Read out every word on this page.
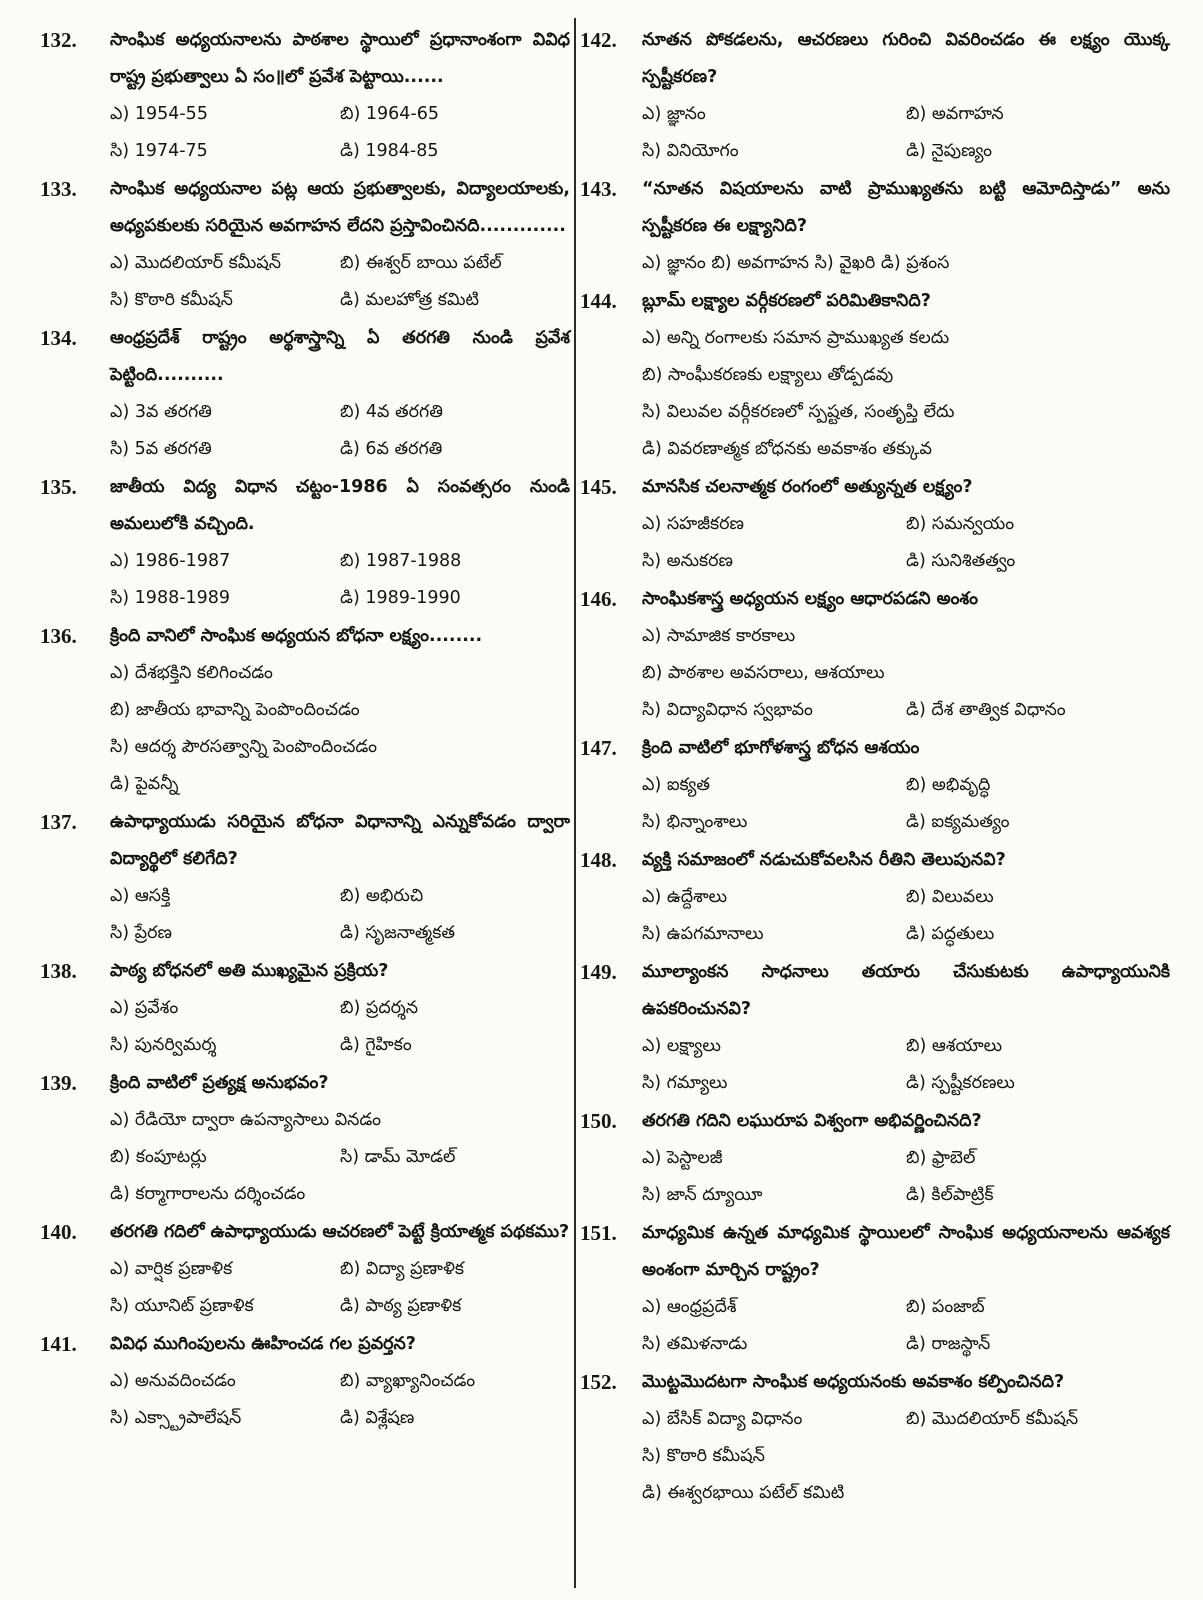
132.	సాంఘిక అధ్యయనాలను పాఠశాల స్థాయిలో ప్రధానాంశంగా వివిధ రాష్ట్ర ప్రభుత్వాలు ఏ సం॥లో ప్రవేశ పెట్టాయి......
ఎ) 1954-55	బి) 1964-65
సి) 1974-75	డి) 1984-85
133.	సాంఘిక అధ్యయనాల పట్ల ఆయ ప్రభుత్వాలకు, విద్యాలయాలకు, అధ్యపకులకు సరియైన అవగాహన లేదని ప్రస్తావించినది.............
ఎ) మొదలియార్ కమీషన్	బి) ఈశ్వర్ బాయి పటేల్
సి) కొఠారి కమీషన్	డి) మలహోత్ర కమిటి
134.	ఆంధ్రప్రదేశ్ రాష్ట్రం అర్థశాస్త్రాన్ని ఏ తరగతి నుండి ప్రవేశ పెట్టింది..........
ఎ) 3వ తరగతి	బి) 4వ తరగతి
సి) 5వ తరగతి	డి) 6వ తరగతి
135.	జాతీయ విద్య విధాన చట్టం-1986 ఏ సంవత్సరం నుండి అమలులోకి వచ్చింది.
ఎ) 1986-1987	బి) 1987-1988
సి) 1988-1989	డి) 1989-1990
136.	క్రింది వానిలో సాంఘిక అధ్యయన బోధనా లక్ష్యం........
ఎ) దేశభక్తిని కలిగించడం
బి) జాతీయ భావాన్ని పెంపొందించడం
సి) ఆదర్శ పౌరసత్వాన్ని పెంపొందించడం
డి) పైవన్నీ
137.	ఉపాధ్యాయుడు సరియైన బోధనా విధానాన్ని ఎన్నుకోవడం ద్వారా విద్యార్థిలో కలిగేది?
ఎ) ఆసక్తి	బి) అభిరుచి
సి) ప్రేరణ	డి) సృజనాత్మకత
138.	పాఠ్య బోధనలో అతి ముఖ్యమైన ప్రక్రియ?
ఎ) ప్రవేశం	బి) ప్రదర్శన
సి) పునర్విమర్శ	డి) గైహికం
139.	క్రింది వాటిలో ప్రత్యక్ష అనుభవం?
ఎ) రేడియో ద్వారా ఉపన్యాసాలు వినడం
బి) కంపూటర్లు	సి) డామ్ మోడల్
డి) కర్మాగారాలను దర్శించడం
140.	తరగతి గదిలో ఉపాధ్యాయుడు ఆచరణలో పెట్టే క్రియాత్మక పథకము?
ఎ) వార్షిక ప్రణాళిక	బి) విద్యా ప్రణాళిక
సి) యూనిట్ ప్రణాళిక	డి) పాఠ్య ప్రణాళిక
141.	వివిధ ముగింపులను ఊహించడ గల ప్రవర్తన?
ఎ) అనువదించడం	బి) వ్యాఖ్యానించడం
సి) ఎక్స్ట్రాపాలేషన్	డి) విశ్లేషణ
142.	నూతన పోకడలను, ఆచరణలు గురించి వివరించడం ఈ లక్ష్యం యొక్క స్పష్టీకరణ?
ఎ) జ్ఞానం	బి) అవగాహన
సి) వినియోగం	డి) నైపుణ్యం
143.	“నూతన విషయాలను వాటి ప్రాముఖ్యతను బట్టి ఆమోదిస్తాడు” అను స్పష్టీకరణ ఈ లక్ష్యానిది?
ఎ) జ్ఞానం బి) అవగాహన సి) వైఖరి డి) ప్రశంస
144.	బ్లూమ్ లక్ష్యాల వర్గీకరణలో పరిమితికానిది?
ఎ) అన్ని రంగాలకు సమాన ప్రాముఖ్యత కలదు
బి) సాంఘీకరణకు లక్ష్యాలు తోడ్పడవు
సి) విలువల వర్గీకరణలో స్పష్టత, సంతృప్తి లేదు
డి) వివరణాత్మక బోధనకు అవకాశం తక్కువ
145.	మానసిక చలనాత్మక రంగంలో అత్యున్నత లక్ష్యం?
ఎ) సహజీకరణ	బి) సమన్వయం
సి) అనుకరణ	డి) సునిశితత్వం
146.	సాంఘికశాస్త్ర అధ్యయన లక్ష్యం ఆధారపడని అంశం
ఎ) సామాజిక కారకాలు
బి) పాఠశాల అవసరాలు, ఆశయాలు
సి) విద్యావిధాన స్వభావం	డి) దేశ తాత్విక విధానం
147.	క్రింది వాటిలో భూగోళశాస్త్ర బోధన ఆశయం
ఎ) ఐక్యత	బి) అభివృద్ధి
సి) భిన్నాంశాలు	డి) ఐక్యమత్యం
148.	వ్యక్తి సమాజంలో నడుచుకోవలసిన రీతిని తెలుపునవి?
ఎ) ఉద్దేశాలు	బి) విలువలు
సి) ఉపగమానాలు	డి) పద్ధతులు
149.	మూల్యాంకన సాధనాలు తయారు చేసుకుటకు ఉపాధ్యాయునికి ఉపకరించునవి?
ఎ) లక్ష్యాలు	బి) ఆశయాలు
సి) గమ్యాలు	డి) స్పష్టీకరణలు
150.	తరగతి గదిని లఘురూప విశ్వంగా అభివర్ణించినది?
ఎ) పెస్టాలజీ	బి) ఫ్రాబెల్
సి) జాన్ ద్యూయీ	డి) కిల్‌పాట్రిక్
151.	మాధ్యమిక ఉన్నత మాధ్యమిక స్థాయిలలో సాంఘిక అధ్యయనాలను ఆవశ్యక అంశంగా మార్చిన రాష్ట్రం?
ఎ) ఆంధ్రప్రదేశ్	బి) పంజాబ్
సి) తమిళనాడు	డి) రాజస్థాన్
152.	మొట్టమొదటగా సాంఘిక అధ్యయనంకు అవకాశం కల్పించినది?
ఎ) బేసిక్ విద్యా విధానం	బి) మొదలియార్ కమీషన్
సి) కొఠారి కమీషన్
డి) ఈశ్వరభాయి పటేల్ కమిటి
